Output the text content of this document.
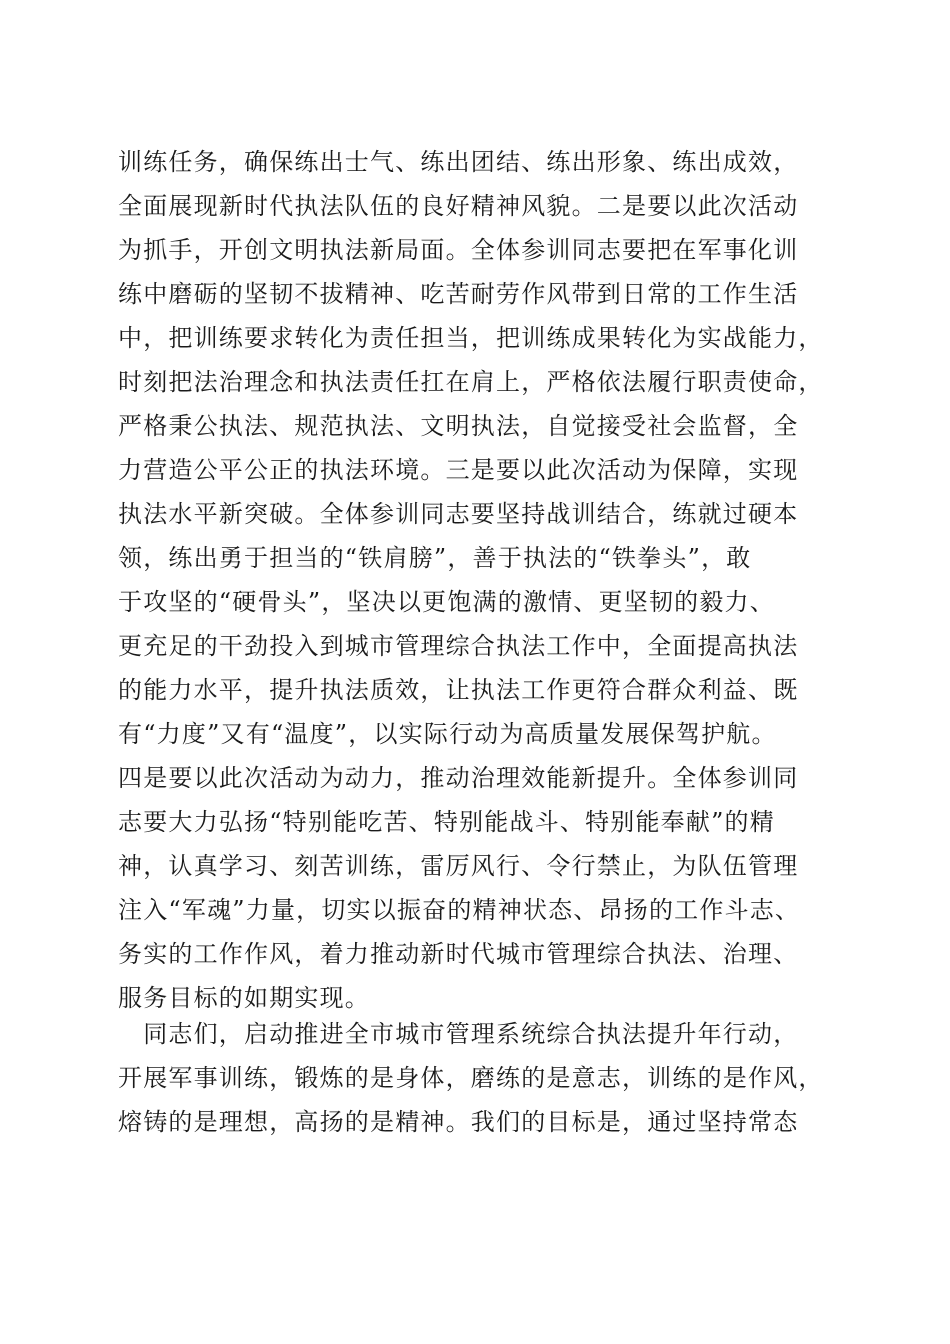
训练任务，确保练出士气、练出团结、练出形象、练出成效，
全面展现新时代执法队伍的良好精神风貌。二是要以此次活动
为抓手，开创文明执法新局面。全体参训同志要把在军事化训
练中磨砺的坚韧不拔精神、吃苦耐劳作风带到日常的工作生活
中，把训练要求转化为责任担当，把训练成果转化为实战能力，
时刻把法治理念和执法责任扛在肩上，严格依法履行职责使命，
严格秉公执法、规范执法、文明执法，自觉接受社会监督，全
力营造公平公正的执法环境。三是要以此次活动为保障，实现
执法水平新突破。全体参训同志要坚持战训结合，练就过硬本
领，练出勇于担当的“铁肩膀”，善于执法的“铁拳头”，敢
于攻坚的“硬骨头”，坚决以更饱满的激情、更坚韧的毅力、
更充足的干劲投入到城市管理综合执法工作中，全面提高执法
的能力水平，提升执法质效，让执法工作更符合群众利益、既
有“力度”又有“温度”，以实际行动为高质量发展保驾护航。
四是要以此次活动为动力，推动治理效能新提升。全体参训同
志要大力弘扬“特别能吃苦、特别能战斗、特别能奉献”的精
神，认真学习、刻苦训练，雷厉风行、令行禁止，为队伍管理
注入“军魂”力量，切实以振奋的精神状态、昂扬的工作斗志、
务实的工作作风，着力推动新时代城市管理综合执法、治理、
服务目标的如期实现。
　同志们，启动推进全市城市管理系统综合执法提升年行动，
开展军事训练，锻炼的是身体，磨练的是意志，训练的是作风，
熔铸的是理想，高扬的是精神。我们的目标是，通过坚持常态
